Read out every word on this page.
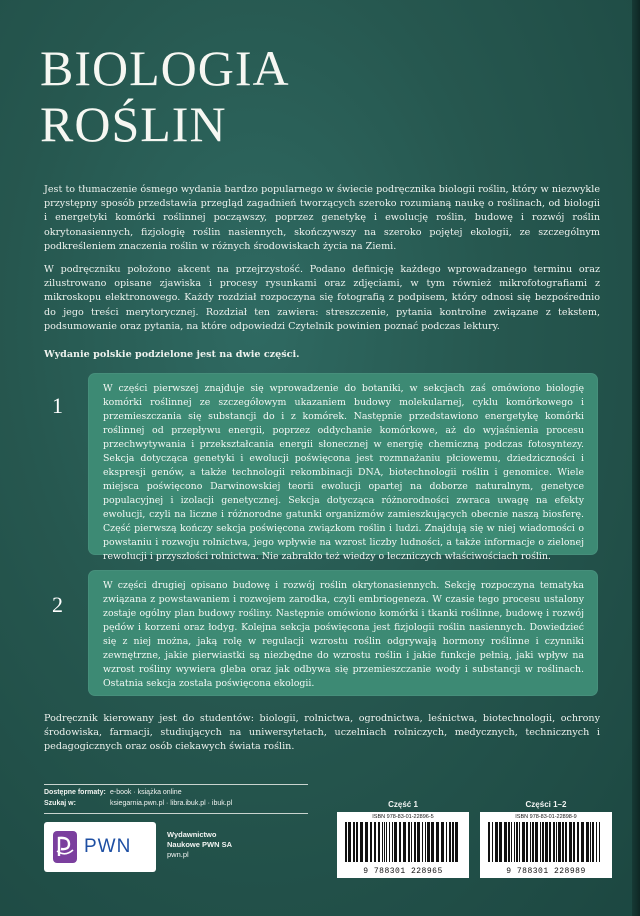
BIOLOGIA
ROŚLIN

Jest to tłumaczenie ósmego wydania bardzo popularnego w świecie podręcznika biologii roślin, który w niezwykle przystępny sposób przedstawia przegląd zagadnień tworzących szeroko rozumianą naukę o roślinach, od biologii i energetyki komórki roślinnej począwszy, poprzez genetykę i ewolucję roślin, budowę i rozwój roślin okrytonasiennych, fizjologię roślin nasiennych, skończywszy na szeroko pojętej ekologii, ze szczególnym podkreśleniem znaczenia roślin w różnych środowiskach życia na Ziemi.

W podręczniku położono akcent na przejrzystość. Podano definicję każdego wprowadzanego terminu oraz zilustrowano opisane zjawiska i procesy rysunkami oraz zdjęciami, w tym również mikrofotografiami z mikroskopu elektronowego. Każdy rozdział rozpoczyna się fotografią z podpisem, który odnosi się bezpośrednio do jego treści merytorycznej. Rozdział ten zawiera: streszczenie, pytania kontrolne związane z tekstem, podsumowanie oraz pytania, na które odpowiedzi Czytelnik powinien poznać podczas lektury.

Wydanie polskie podzielone jest na dwie części.

1

W części pierwszej znajduje się wprowadzenie do botaniki, w sekcjach zaś omówiono biologię komórki roślinnej ze szczegółowym ukazaniem budowy molekularnej, cyklu komórkowego i przemieszczania się substancji do i z komórek. Następnie przedstawiono energetykę komórki roślinnej od przepływu energii, poprzez oddychanie komórkowe, aż do wyjaśnienia procesu przechwytywania i przekształcania energii słonecznej w energię chemiczną podczas fotosyntezy. Sekcja dotycząca genetyki i ewolucji poświęcona jest rozmnażaniu płciowemu, dziedziczności i ekspresji genów, a także technologii rekombinacji DNA, biotechnologii roślin i genomice. Wiele miejsca poświęcono Darwinowskiej teorii ewolucji opartej na doborze naturalnym, genetyce populacyjnej i izolacji genetycznej. Sekcja dotycząca różnorodności zwraca uwagę na efekty ewolucji, czyli na liczne i różnorodne gatunki organizmów zamieszkujących obecnie naszą biosferę. Część pierwszą kończy sekcja poświęcona związkom roślin i ludzi. Znajdują się w niej wiadomości o powstaniu i rozwoju rolnictwa, jego wpływie na wzrost liczby ludności, a także informacje o zielonej rewolucji i przyszłości rolnictwa. Nie zabrakło też wiedzy o leczniczych właściwościach roślin.

2

W części drugiej opisano budowę i rozwój roślin okrytonasiennych. Sekcję rozpoczyna tematyka związana z powstawaniem i rozwojem zarodka, czyli embriogeneza. W czasie tego procesu ustalony zostaje ogólny plan budowy rośliny. Następnie omówiono komórki i tkanki roślinne, budowę i rozwój pędów i korzeni oraz łodyg. Kolejna sekcja poświęcona jest fizjologii roślin nasiennych. Dowiedzieć się z niej można, jaką rolę w regulacji wzrostu roślin odgrywają hormony roślinne i czynniki zewnętrzne, jakie pierwiastki są niezbędne do wzrostu roślin i jakie funkcje pełnią, jaki wpływ na wzrost rośliny wywiera gleba oraz jak odbywa się przemieszczanie wody i substancji w roślinach. Ostatnia sekcja została poświęcona ekologii.

Podręcznik kierowany jest do studentów: biologii, rolnictwa, ogrodnictwa, leśnictwa, biotechnologii, ochrony środowiska, farmacji, studiujących na uniwersytetach, uczelniach rolniczych, medycznych, technicznych i pedagogicznych oraz osób ciekawych świata roślin.

Dostępne formaty: e-book · książka online
Szukaj w:	ksiegarnia.pwn.pl · libra.ibuk.pl · ibuk.pl
PWN
Wydawnictwo
Naukowe PWN SA
pwn.pl
Część 1
ISBN 978-83-01-22896-5
9 788301 228965
Części 1–2
ISBN 978-83-01-22898-9
9 788301 228989
